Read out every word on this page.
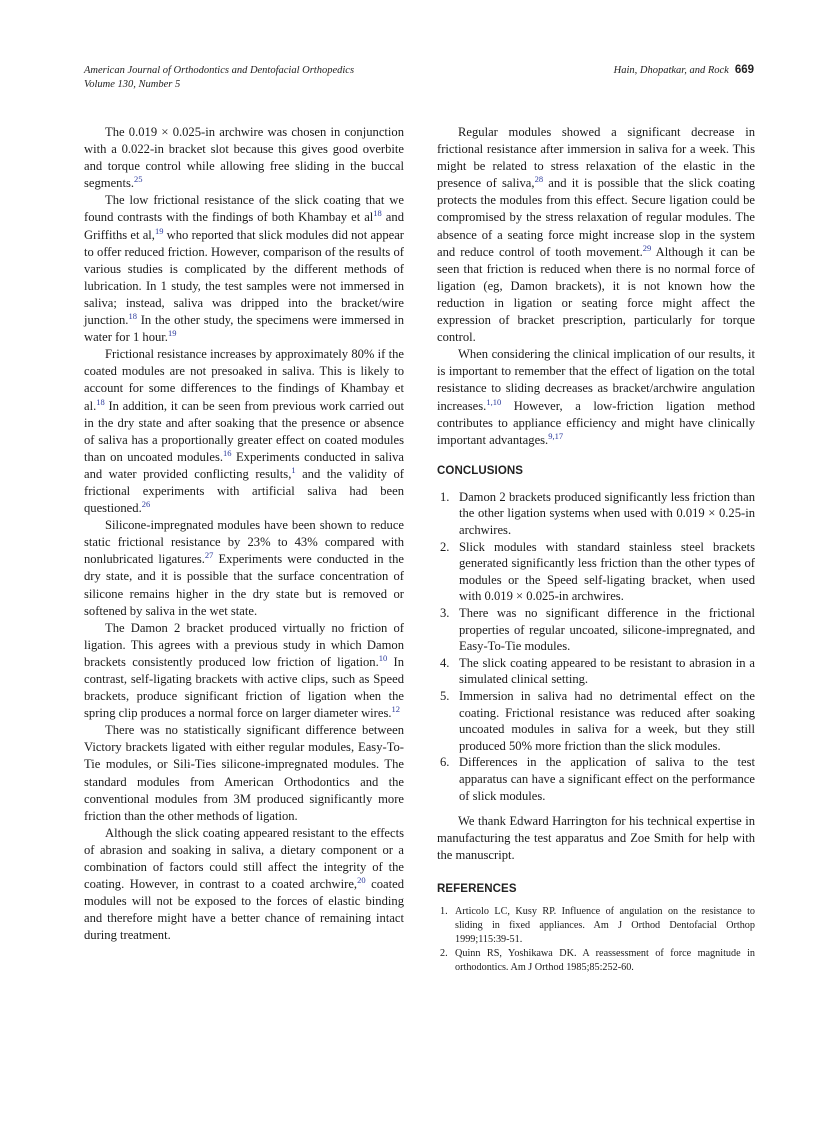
American Journal of Orthodontics and Dentofacial Orthopedics
Volume 130, Number 5
Hain, Dhopatkar, and Rock 669

The 0.019 × 0.025-in archwire was chosen in conjunction with a 0.022-in bracket slot because this gives good overbite and torque control while allowing free sliding in the buccal segments.$^{25}$

The low frictional resistance of the slick coating that we found contrasts with the findings of both Khambay et $al^{18}$ and Griffiths et al,$^{19}$ who reported that slick modules did not appear to offer reduced friction. However, comparison of the results of various studies is complicated by the different methods of lubrication. In 1 study, the test samples were not immersed in saliva; instead, saliva was dripped into the bracket/wire junction.$^{18}$ In the other study, the specimens were immersed in water for 1 hour.$^{19}$

Frictional resistance increases by approximately 80% if the coated modules are not presoaked in saliva. This is likely to account for some differences to the findings of Khambay et al.$^{18}$ In addition, it can be seen from previous work carried out in the dry state and after soaking that the presence or absence of saliva has a proportionally greater effect on coated modules than on uncoated modules.$^{16}$ Experiments conducted in saliva and water provided conflicting results,$^1$ and the validity of frictional experiments with artificial saliva had been questioned.$^{26}$

Silicone-impregnated modules have been shown to reduce static frictional resistance by 23% to 43% compared with nonlubricated ligatures.$^{27}$ Experiments were conducted in the dry state, and it is possible that the surface concentration of silicone remains higher in the dry state but is removed or softened by saliva in the wet state.

The Damon 2 bracket produced virtually no friction of ligation. This agrees with a previous study in which Damon brackets consistently produced low friction of ligation.$^{10}$ In contrast, self-ligating brackets with active clips, such as Speed brackets, produce significant friction of ligation when the spring clip produces a normal force on larger diameter wires.$^{12}$

There was no statistically significant difference between Victory brackets ligated with either regular modules, Easy-To-Tie modules, or Sili-Ties silicone-impregnated modules. The standard modules from American Orthodontics and the conventional modules from 3M produced significantly more friction than the other methods of ligation.

Although the slick coating appeared resistant to the effects of abrasion and soaking in saliva, a dietary component or a combination of factors could still affect the integrity of the coating. However, in contrast to a coated archwire,$^{20}$ coated modules will not be exposed to the forces of elastic binding and therefore might have a better chance of remaining intact during treatment.

Regular modules showed a significant decrease in frictional resistance after immersion in saliva for a week. This might be related to stress relaxation of the elastic in the presence of saliva,$^{28}$ and it is possible that the slick coating protects the modules from this effect. Secure ligation could be compromised by the stress relaxation of regular modules. The absence of a seating force might increase slop in the system and reduce control of tooth movement.$^{29}$ Although it can be seen that friction is reduced when there is no normal force of ligation (eg, Damon brackets), it is not known how the reduction in ligation or seating force might affect the expression of bracket prescription, particularly for torque control.

When considering the clinical implication of our results, it is important to remember that the effect of ligation on the total resistance to sliding decreases as bracket/archwire angulation increases.$^{1,10}$ However, a low-friction ligation method contributes to appliance efficiency and might have clinically important advantages.$^{9,17}$

CONCLUSIONS
1. Damon 2 brackets produced significantly less friction than the other ligation systems when used with 0.019 × 0.25-in archwires.
2. Slick modules with standard stainless steel brackets generated significantly less friction than the other types of modules or the Speed self-ligating bracket, when used with 0.019 × 0.025-in archwires.
3. There was no significant difference in the frictional properties of regular uncoated, silicone-impregnated, and Easy-To-Tie modules.
4. The slick coating appeared to be resistant to abrasion in a simulated clinical setting.
5. Immersion in saliva had no detrimental effect on the coating. Frictional resistance was reduced after soaking uncoated modules in saliva for a week, but they still produced 50% more friction than the slick modules.
6. Differences in the application of saliva to the test apparatus can have a significant effect on the performance of slick modules.

We thank Edward Harrington for his technical expertise in manufacturing the test apparatus and Zoe Smith for help with the manuscript.

REFERENCES
1. Articolo LC, Kusy RP. Influence of angulation on the resistance to sliding in fixed appliances. Am J Orthod Dentofacial Orthop 1999;115:39-51.
2. Quinn RS, Yoshikawa DK. A reassessment of force magnitude in orthodontics. Am J Orthod 1985;85:252-60.
